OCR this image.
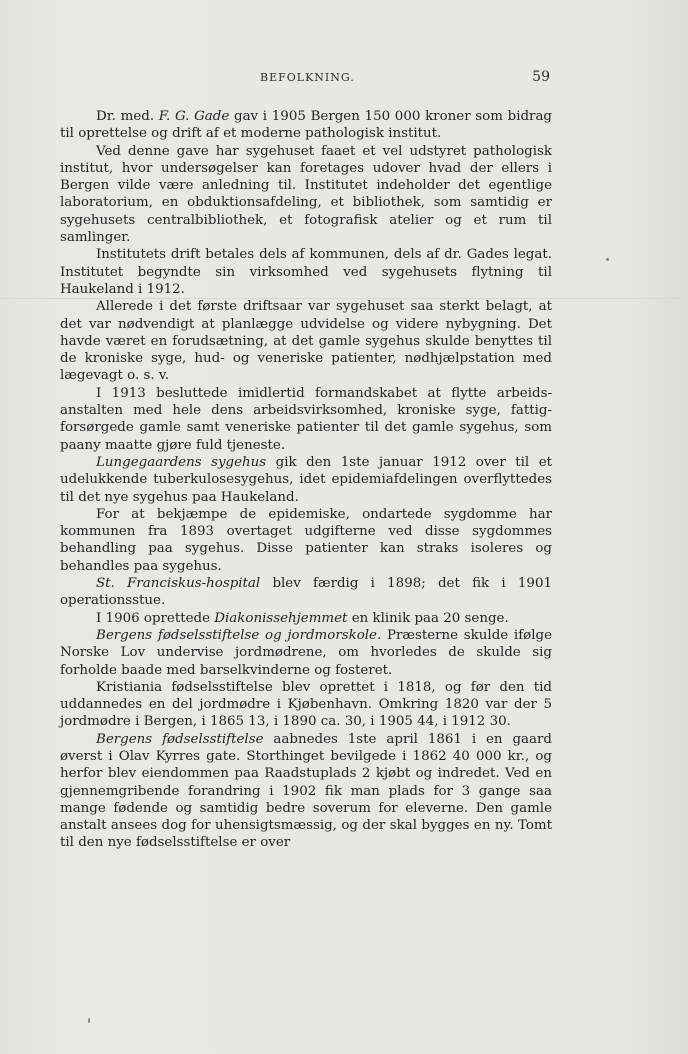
BEFOLKNING.	59

Dr. med. F. G. Gade gav i 1905 Bergen 150 000 kroner som bidrag til oprettelse og drift af et moderne pathologisk institut.

Ved denne gave har sygehuset faaet et vel udstyret pathologisk institut, hvor undersøgelser kan foretages udover hvad der ellers i Bergen vilde være anledning til. Institutet indeholder det egentlige laboratorium, en obduktionsafdeling, et bibliothek, som samtidig er sygehusets centralbibliothek, et fotografisk atelier og et rum til samlinger.

Institutets drift betales dels af kommunen, dels af dr. Gades legat. Institutet begyndte sin virksomhed ved sygehusets flytning til Haukeland i 1912.

Allerede i det første driftsaar var sygehuset saa sterkt belagt, at det var nødvendigt at planlægge udvidelse og videre nybygning. Det havde været en forudsætning, at det gamle sygehus skulde benyttes til de kroniske syge, hud- og veneriske patienter, nødhjælpstation med lægevagt o. s. v.

I 1913 besluttede imidlertid formandskabet at flytte arbeidsanstalten med hele dens arbeidsvirksomhed, kroniske syge, fattigforsørgede gamle samt veneriske patienter til det gamle sygehus, som paany maatte gjøre fuld tjeneste.

Lungegaardens sygehus gik den 1ste januar 1912 over til et udelukkende tuberkulosesygehus, idet epidemiafdelingen overflyttedes til det nye sygehus paa Haukeland.

For at bekjæmpe de epidemiske, ondartede sygdomme har kommunen fra 1893 overtaget udgifterne ved disse sygdommes behandling paa sygehus. Disse patienter kan straks isoleres og behandles paa sygehus.

St. Franciskus-hospital blev færdig i 1898; det fik i 1901 operationsstue.

I 1906 oprettede Diakonissehjemmet en klinik paa 20 senge.

Bergens fødselsstiftelse og jordmorskole. Præsterne skulde ifølge Norske Lov undervise jordmødrene, om hvorledes de skulde sig forholde baade med barselkvinderne og fosteret.

Kristiania fødselsstiftelse blev oprettet i 1818, og før den tid uddannedes en del jordmødre i Kjøbenhavn. Omkring 1820 var der 5 jordmødre i Bergen, i 1865 13, i 1890 ca. 30, i 1905 44, i 1912 30.

Bergens fødselsstiftelse aabnedes 1ste april 1861 i en gaard øverst i Olav Kyrres gate. Storthinget bevilgede i 1862 40 000 kr., og herfor blev eiendommen paa Raadstuplads 2 kjøbt og indredet. Ved en gjennemgribende forandring i 1902 fik man plads for 3 gange saa mange fødende og samtidig bedre soverum for eleverne. Den gamle anstalt ansees dog for uhensigtsmæssig, og der skal bygges en ny. Tomt til den nye fødselsstiftelse er over
